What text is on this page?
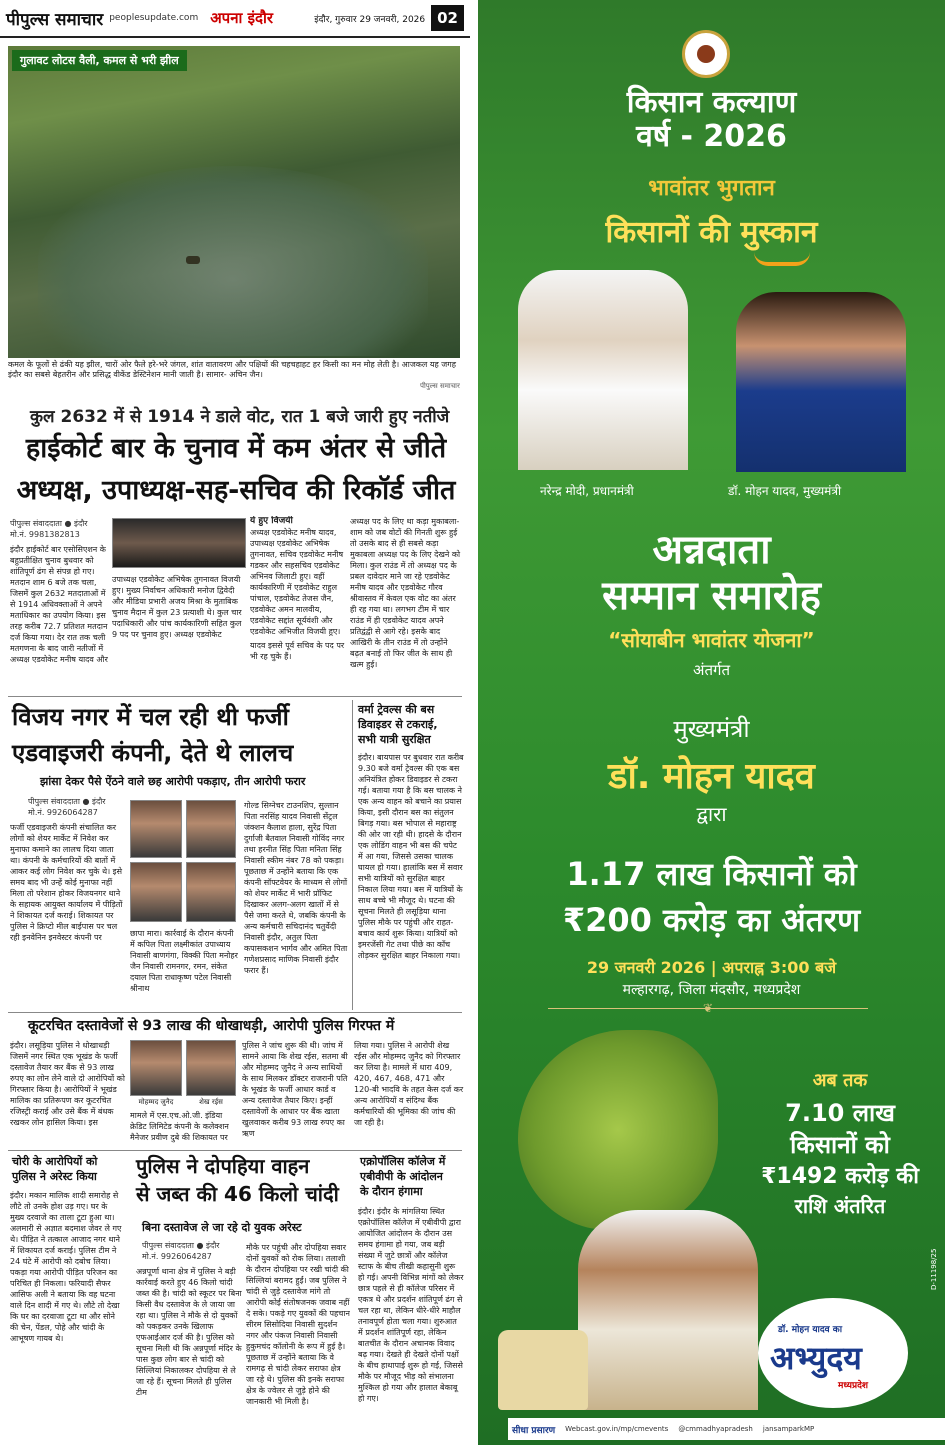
पीपुल्स समाचार peoplesupdate.com अपना इंदौर	इंदौर, गुरुवार 29 जनवरी, 2026 02
गुलावट लोटस वैली, कमल से भरी झील
कमल के फूलों से ढंकी यह झील, चारों ओर फैले हरे-भरे जंगल, शांत वातावरण और पक्षियों की चहचहाहट हर किसी का मन मोह लेती है। आजकल यह जगह इंदौर का सबसे बेहतरीन और प्रसिद्ध वीकेंड डेस्टिनेशन मानी जाती है। सामार- अचिन जैन।
पीपुल्स समाचार
कुल 2632 में से 1914 ने डाले वोट, रात 1 बजे जारी हुए नतीजे
हाईकोर्ट बार के चुनाव में कम अंतर से जीते
अध्यक्ष, उपाध्यक्ष-सह-सचिव की रिकॉर्ड जीत
पीपुल्स संवाददाता ● इंदौर
मो.नं. 9981382813
इंदौर हाईकोर्ट बार एसोसिएशन के बहुप्रतीक्षित चुनाव बुधवार को शांतिपूर्ण ढंग से संपन्न हो गए। मतदान शाम 6 बजे तक चला, जिसमें कुल 2632 मतदाताओं में से 1914 अधिवक्ताओं ने अपने मताधिकार का उपयोग किया। इस तरह करीब 72.7 प्रतिशत मतदान दर्ज किया गया। देर रात तक चली मतगणना के बाद जारी नतीजों में अध्यक्ष एडवोकेट मनीष यादव और
उपाध्यक्ष एडवोकेट अभिषेक तुगनावत विजयी हुए। मुख्य निर्वाचन अधिकारी मनोज द्विवेदी और मीडिया प्रभारी अजय मिश्रा के मुताबिक चुनाव मैदान में कुल 23 प्रत्याशी थे। कुल चार पदाधिकारी और पांच कार्यकारिणी सहित कुल 9 पद पर चुनाव हुए। अध्यक्ष एडवोकेट
ये हुए विजयी
अध्यक्ष एडवोकेट मनीष यादव, उपाध्यक्ष एडवोकेट अभिषेक तुगनावत, सचिव एडवोकेट मनीष गडकर और सहसचिव एडवोकेट अभिनव जिलाटी हुए। वहीं कार्यकारिणी में एडवोकेट राहुल पांचाल, एडवोकेट तेजस जैन, एडवोकेट अमन मालवीय, एडवोकेट सद्दांत सूर्यवंशी और एडवोकेट अभिजीत विजयी हुए।
यादव इससे पूर्व सचिव के पद पर भी रह चुके हैं।
अध्यक्ष पद के लिए था कड़ा मुकाबला- शाम को जब वोटों की गिनती शुरू हुई तो उसके बाद से ही सबसे कड़ा मुकाबला अध्यक्ष पद के लिए देखने को मिला। कुल राउंड में तो अध्यक्ष पद के प्रबल दावेदार माने जा रहे एडवोकेट मनीष यादव और एडवोकेट गौरव श्रीवास्तव में केवल एक वोट का अंतर ही रह गया था। लगभग टीम में चार राउंड में ही एडवोकेट यादव अपने प्रतिद्वंद्वी से आगे रहे। इसके बाद आखिरी के तीन राउंड में तो उन्होंने बढ़त बनाई तो फिर जीत के साथ ही खत्म हुई।
विजय नगर में चल रही थी फर्जी
एडवाइजरी कंपनी, देते थे लालच
झांसा देकर पैसे ऐंठने वाले छह आरोपी पकड़ाए, तीन आरोपी फरार
पीपुल्स संवाददाता ● इंदौर
मो.नं. 9926064287
फर्जी एडवाइजरी कंपनी संचालित कर लोगों को शेयर मार्केट में निवेश कर मुनाफा कमाने का लालच दिया जाता था। कंपनी के कर्मचारियों की बातों में आकर कई लोग निवेश कर चुके थे। इसे समय बाद भी उन्हें कोई मुनाफा नहीं मिला तो परेशान होकर विजयनगर थाने के सहायक आयुक्त कार्यालय में पीड़ितों ने शिकायत दर्ज कराई। शिकायत पर पुलिस ने क्रिप्टो मील बाईपास पर चल रही इनवेनिन इनवेस्टर कंपनी पर	छापा मारा। कार्रवाई के दौरान कंपनी में कपिल पिता लक्ष्मीकांत उपाध्याय निवासी बाणगंगा, विक्की पिता मनोहर जैन निवासी रामनगर, रमन, संकेत दयाल पिता राधाकृष्ण पटेल निवासी श्रीनाथ
गोल्ड सिग्नेचर टाउनशिप, सुल्तान पिता नरसिंह यादव निवासी सेंट्रल जंक्शन कैलाश हाला, सुरेंद्र पिता दुर्गाजी बैतवाल निवासी गोविंद नगर तथा हरनीत सिंह पिता मनिता सिंह निवासी स्कीम नंबर 78 को पकड़ा। पूछताछ में उन्होंने बताया कि एक कंपनी सॉफ्टवेयर के माध्यम से लोगों को शेयर मार्केट में भारी प्रॉफिट दिखाकर अलग-अलग खातों में से पैसे जमा करते थे, जबकि कंपनी के अन्य कर्मचारी सचिदानंद चतुर्वेदी निवासी इंदौर, अतुल पिता कपासकशन भार्गव और अमित पिता गणेशप्रसाद माणिक निवासी इंदौर फरार हैं।
वर्मा ट्रेवल्स की बस
डिवाइडर से टकराई,
सभी यात्री सुरक्षित
इंदौर। बायपास पर बुधवार रात करीब 9.30 बजे वर्मा ट्रेवल्स की एक बस अनियंत्रित होकर डिवाइडर से टकरा गई। बताया गया है कि बस चालक ने एक अन्य वाहन को बचाने का प्रयास किया, इसी दौरान बस का संतुलन बिगड़ गया। बस भोपाल से महाराष्ट्र की ओर जा रही थी। हादसे के दौरान एक लोडिंग वाहन भी बस की चपेट में आ गया, जिससे उसका चालक घायल हो गया। हालांकि बस में सवार सभी यात्रियों को सुरक्षित बाहर निकाल लिया गया। बस में यात्रियों के साथ बच्चे भी मौजूद थे। घटना की सूचना मिलते ही लसूड़िया थाना पुलिस मौके पर पहुंची और राहत-बचाव कार्य शुरू किया। यात्रियों को इमरजेंसी गेट तथा पीछे का काँच तोड़कर सुरक्षित बाहर निकाला गया।
कूटरचित दस्तावेजों से 93 लाख की धोखाधड़ी, आरोपी पुलिस गिरफ्त में
इंदौर। लसूड़िया पुलिस ने धोखाधड़ी जिसमें नगर स्थित एक भूखंड के फर्जी दस्तावेज तैयार कर बैंक से 93 लाख रुपए का लोन लेने वाले दो आरोपियों को गिरफ्तार किया है। आरोपियों ने भूखंड मालिक का प्रतिरूपण कर कूटरचित रजिस्ट्री कराई और उसे बैंक में बंधक रखकर लोन हासिल किया। इस
मोहम्मद जुनैद	शेख रईस
मामले में एस.एच.ओ.जी. इंडिया क्रेडिट लिमिटेड कंपनी के कलेक्शन मैनेजर प्रवीण दुबे की शिकायत पर
पुलिस ने जांच शुरू की थी। जांच में सामने आया कि शेख रईस, सतमा बी और मोहम्मद जुनैद ने अन्य साथियों के साथ मिलकर डॉक्टर राजरानी पति के भूखंड के फर्जी आधार कार्ड व अन्य दस्तावेज तैयार किए। इन्हीं दस्तावेजों के आधार पर बैंक खाता खुलवाकर करीब 93 लाख रुपए का ऋण
लिया गया। पुलिस ने आरोपी शेख रईस और मोहम्मद जुनैद को गिरफ्तार कर लिया है। मामले में धारा 409, 420, 467, 468, 471 और 120-बी भादवि के तहत केस दर्ज कर अन्य आरोपियों व संदिग्ध बैंक कर्मचारियों की भूमिका की जांच की जा रही है।
चोरी के आरोपियों को पुलिस ने अरेस्ट किया
इंदौर। मकान मालिक शादी समारोह से लौटे तो उनके होश उड़ गए। घर के मुख्य दरवाजे का ताला टूटा हुआ था। अलमारी से अज्ञात बदमाश जेवर ले गए थे। पीड़ित ने तत्काल आजाद नगर थाने में शिकायत दर्ज कराई। पुलिस टीम ने 24 घंटे में आरोपी को दबोच लिया। पकड़ा गया आरोपी पीड़ित परिजन का परिचित ही निकला। फरियादी सैफर आसिफ अली ने बताया कि वह घटना वाले दिन शादी में गए थे। लौटे तो देखा कि घर का दरवाजा टूटा था और सोने की चेन, पेंडल, पोहे और चांदी के आभूषण गायब थे।
पुलिस ने दोपहिया वाहन
से जब्त की 46 किलो चांदी
बिना दस्तावेज ले जा रहे दो युवक अरेस्ट
पीपुल्स संवाददाता ● इंदौर
मो.नं. 9926064287
अन्नपूर्णा थाना क्षेत्र में पुलिस ने बड़ी कार्रवाई करते हुए 46 किलो चांदी जब्त की है। चांदी को स्कूटर पर बिना किसी वैध दस्तावेज के ले जाया जा रहा था। पुलिस ने मौके से दो युवकों को पकड़कर उनके खिलाफ एफआईआर दर्ज की है। पुलिस को सूचना मिली थी कि अन्नपूर्णा मंदिर के पास कुछ लोग बार से चांदी को सिल्लियां निकालकर दोपहिया से ले जा रहे हैं। सूचना मिलते ही पुलिस टीम
मौके पर पहुंची और दोपहिया सवार दोनों युवकों को रोक लिया। तलाशी के दौरान दोपहिया पर रखी चांदी की सिल्लियां बरामद हुईं। जब पुलिस ने चांदी से जुड़े दस्तावेज मांगे तो आरोपी कोई संतोषजनक जवाब नहीं दे सके। पकड़े गए युवकों की पहचान सीरम सिसोदिया निवासी सुदर्शन नगर और पंकज निवासी निवासी हुकुमचंद कॉलोनी के रूप में हुई है। पूछताछ में उन्होंने बताया कि वे रामगढ़ से चांदी लेकर सराफा क्षेत्र जा रहे थे। पुलिस की इनके सराफा क्षेत्र के ज्वेलर से जुड़े होने की जानकारी भी मिली है।
एक्रोपॉलिस कॉलेज में
एबीवीपी के आंदोलन
के दौरान हंगामा
इंदौर। इंदौर के मांगलिया स्थित एक्रोपॉलिस कॉलेज में एबीवीपी द्वारा आयोजित आंदोलन के दौरान उस समय हंगामा हो गया, जब बड़ी संख्या में जुटे छात्रों और कॉलेज स्टाफ के बीच तीखी कहासुनी शुरू हो गई। अपनी विभिन्न मांगों को लेकर छात्र पहले से ही कॉलेज परिसर में एकत्र थे और प्रदर्शन शांतिपूर्ण ढंग से चल रहा था, लेकिन धीरे-धीरे माहौल तनावपूर्ण होता चला गया। शुरुआत में प्रदर्शन शांतिपूर्ण रहा, लेकिन बातचीत के दौरान अचानक विवाद बढ़ गया। देखते ही देखते दोनों पक्षों के बीच हाथापाई शुरू हो गई, जिससे मौके पर मौजूद भीड़ को संभालना मुश्किल हो गया और हालात बेकाबू हो गए।
किसान कल्याण
वर्ष - 2026
भावांतर भुगतान
किसानों की मुस्कान
नरेन्द्र मोदी, प्रधानमंत्री	डॉ. मोहन यादव, मुख्यमंत्री
अन्नदाता
सम्मान समारोह
“सोयाबीन भावांतर योजना”
अंतर्गत
मुख्यमंत्री
डॉ. मोहन यादव
द्वारा
1.17 लाख किसानों को
₹200 करोड़ का अंतरण
29 जनवरी 2026 | अपराह्न 3:00 बजे
मल्हारगढ़, जिला मंदसौर, मध्यप्रदेश
❦
अब तक
7.10 लाख
किसानों को
₹1492 करोड़ की
राशि अंतरित
डॉ. मोहन यादव का
अभ्युदय
मध्यप्रदेश
सीधा प्रसारण Webcast.gov.in/mp/cmevents @cmmadhyapradesh jansamparkMP
D-11198/25
